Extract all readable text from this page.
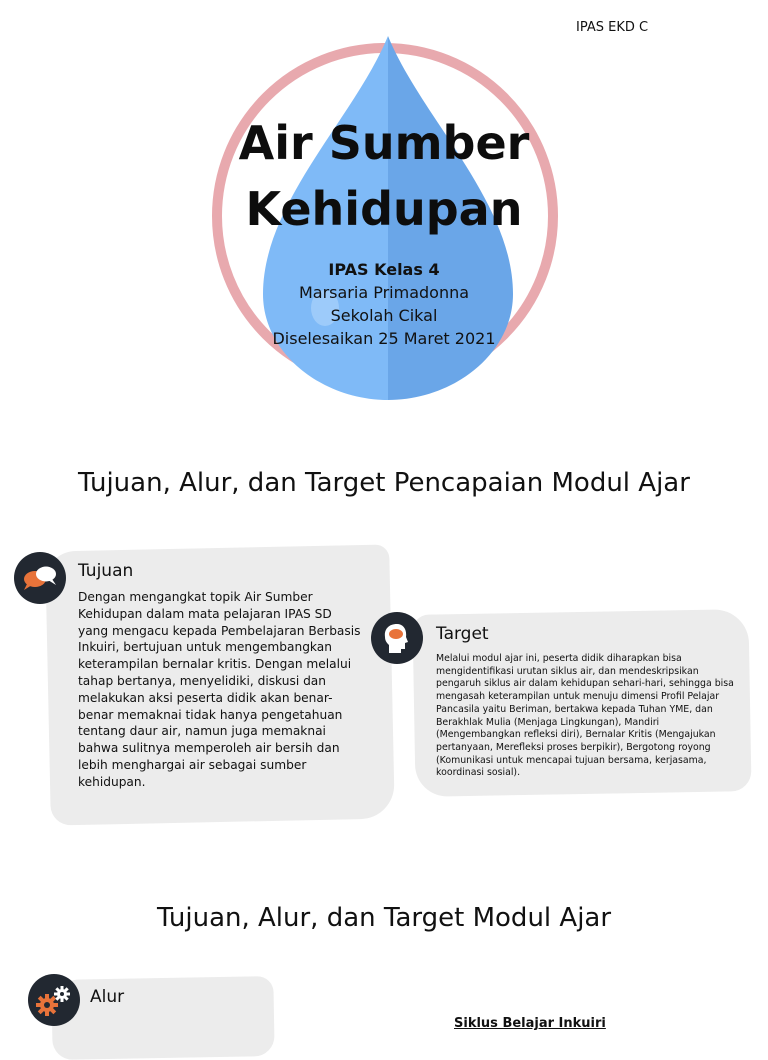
IPAS EKD C
Air Sumber
Kehidupan
IPAS Kelas 4
Marsaria Primadonna
Sekolah Cikal
Diselesaikan 25 Maret 2021
Tujuan, Alur, dan Target Pencapaian Modul Ajar
Tujuan
Dengan mengangkat topik Air Sumber Kehidupan dalam mata pelajaran IPAS SD yang mengacu kepada Pembelajaran Berbasis Inkuiri, bertujuan untuk mengembangkan keterampilan bernalar kritis. Dengan melalui tahap bertanya, menyelidiki, diskusi dan melakukan aksi peserta didik akan benar-benar memaknai tidak hanya pengetahuan tentang daur air, namun juga memaknai bahwa sulitnya memperoleh air bersih dan lebih menghargai air sebagai sumber kehidupan.
Target
Melalui modul ajar ini, peserta didik diharapkan bisa mengidentifikasi urutan siklus air, dan mendeskripsikan pengaruh siklus air dalam kehidupan sehari-hari, sehingga bisa mengasah keterampilan untuk menuju dimensi Profil Pelajar Pancasila yaitu Beriman, bertakwa kepada Tuhan YME, dan Berakhlak Mulia (Menjaga Lingkungan), Mandiri (Mengembangkan refleksi diri), Bernalar Kritis (Mengajukan pertanyaan, Merefleksi proses berpikir), Bergotong royong (Komunikasi untuk mencapai tujuan bersama, kerjasama, koordinasi sosial).
Tujuan, Alur, dan Target Modul Ajar
Alur
Siklus Belajar Inkuiri
